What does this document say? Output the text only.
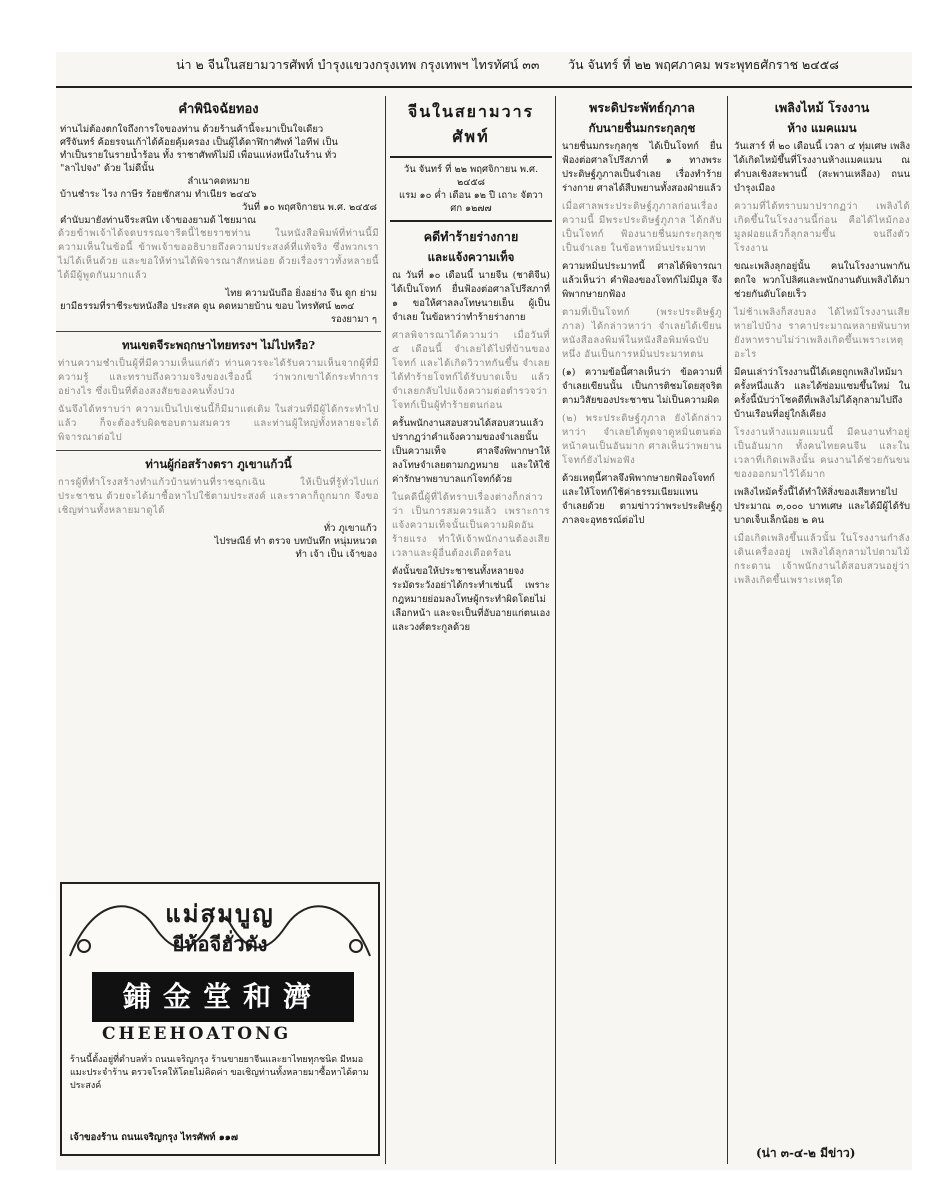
น่า ๒ จีนในสยามวารศัพท์ บำรุงแขวงกรุงเทพ กรุงเทพฯ ไทรทัศน์ ๓๓ วัน จันทร์ ที่ ๒๒ พฤศภาคม พระพุทธศักราช ๒๔๕๘
คำพินิจฉัยทอง
ท่านไม่ต้องตกใจถึงการใจของท่าน ด้วยร้านค้านี้จะมาเป็นใจเดียว
ศรีจันทร์ ค้อยรจนเก้าได้ค้อยคุ้มครอง เป็นผู้ได้ดาฬิกาศัพท์ ไอทีฟ เป็น
ทำเป็นรายในรายน้ำร้อน ทั้ง ราชาศัพท์ไม่มี เพื่อนแห่งหนึ่งในร้าน ทั่ว
"ลาไปจง" ด้วย ไม่ดีนั้น
ลำเนาคดหมาย
บ้านชำระ ไรง กาษีร ร้อยชักสาม ทำเนียร ๒๔๔๖
วันที่ ๑๐ พฤศจิกายน พ.ศ. ๒๔๕๘
คำนับมายังท่านจีระสนิท เจ้าของยามด้ ไชยมาณ
ด้วยข้าพเจ้าได้จดบรรณจารีตนี้ไชยราชท่าน ในหนังสือพิมพ์ที่ท่านนี้มีความเห็นในข้อนี้ ข้าพเจ้าขออธิบายถึงความประสงค์ที่แท้จริง ซึ่งพวกเราไม่ได้เห็นด้วย และขอให้ท่านได้พิจารณาสักหน่อย ด้วยเรื่องราวทั้งหลายนี้ได้มีผู้พูดกันมากแล้ว
ไทย ความนับถือ ยิ่งอย่าง จีน ดูก ย่าม
ยามีธรรมที่ราชีระขหนังสือ ประสค ดูน คดหมายบ้าน ขอบ ไทรทัศน์ ๒๓๔
รองยามา ๆ
ทนเขตจีระพฤกษาไทยทรงฯ ไม่ไปหรือ?
ท่านความชำเป็นผู้ที่มีความเห็นแก่ตัว ท่านควรจะได้รับความเห็นจากผู้ที่มีความรู้ และทราบถึงความจริงของเรื่องนี้ ว่าพวกเขาได้กระทำการอย่างไร ซึ่งเป็นที่ต้องสงสัยของคนทั้งปวง
ฉันจึงได้ทราบว่า ความเป็นไปเช่นนี้ก็มีมาแต่เดิม ในส่วนที่มีผู้ได้กระทำไปแล้ว ก็จะต้องรับผิดชอบตามสมควร และท่านผู้ใหญ่ทั้งหลายจะได้พิจารณาต่อไป
ท่านผู้ก่อสร้างตรา ภูเขาแก้วนี้
การผู้ที่ทำโรงสร้างทำแก้วบ้านท่านที่ราชฉุกเฉิน ให้เป็นที่รู้ทั่วไปแก่ประชาชน ด้วยจะได้มาซื้อหาไปใช้ตามประสงค์ และราคาก็ถูกมาก จึงขอเชิญท่านทั้งหลายมาดูได้
ทั่ว ภูเขาแก้ว
ไปรษณีย์ ทำ ตรวจ บทบันทึก หนุ่มหนวด
ทำ เจ้า เป็น เจ้าของ
แม่สมบูญ
ยีห้อจีฮั่วตัง
鋪金堂和濟
CHEEHOATONG
ร้านนี้ตั้งอยู่ที่ตำบลทั่ว ถนนเจริญกรุง ร้านขายยาจีนและยาไทยทุกชนิด มีหมอแมะประจำร้าน ตรวจโรคให้โดยไม่คิดค่า ขอเชิญท่านทั้งหลายมาซื้อหาได้ตามประสงค์
เจ้าของร้าน ถนนเจริญกรุง ไทรศัพท์ ๑๑๗
จีนในสยามวารศัพท์
วัน จันทร์ ที่ ๒๒ พฤศจิกายน พ.ศ. ๒๔๕๘
แรม ๑๐ ค่ำ เดือน ๑๒ ปี เถาะ จัตวาศก ๑๒๗๗
คดีทำร้ายร่างกาย
และแจ้งความเท็จ
ณ วันที่ ๑๐ เดือนนี้ นายจีน (ชาติจีน) ได้เป็นโจทก์ ยื่นฟ้องต่อศาลโปรีสภาที่ ๑ ขอให้ศาลลงโทษนายเย็น ผู้เป็นจำเลย ในข้อหาว่าทำร้ายร่างกาย
ศาลพิจารณาได้ความว่า เมื่อวันที่ ๕ เดือนนี้ จำเลยได้ไปที่บ้านของโจทก์ และได้เกิดวิวาทกันขึ้น จำเลยได้ทำร้ายโจทก์ได้รับบาดเจ็บ แล้วจำเลยกลับไปแจ้งความต่อตำรวจว่าโจทก์เป็นผู้ทำร้ายตนก่อน
ครั้นพนักงานสอบสวนได้สอบสวนแล้ว ปรากฏว่าคำแจ้งความของจำเลยนั้นเป็นความเท็จ ศาลจึงพิพากษาให้ลงโทษจำเลยตามกฎหมาย และให้ใช้ค่ารักษาพยาบาลแก่โจทก์ด้วย
ในคดีนี้ผู้ที่ได้ทราบเรื่องต่างก็กล่าวว่า เป็นการสมควรแล้ว เพราะการแจ้งความเท็จนั้นเป็นความผิดอันร้ายแรง ทำให้เจ้าพนักงานต้องเสียเวลาและผู้อื่นต้องเดือดร้อน
ดังนั้นขอให้ประชาชนทั้งหลายจงระมัดระวังอย่าได้กระทำเช่นนี้ เพราะกฎหมายย่อมลงโทษผู้กระทำผิดโดยไม่เลือกหน้า และจะเป็นที่อับอายแก่ตนเองและวงศ์ตระกูลด้วย
พระดิประพัทธ์กุภาล
กับนายชื่นมกระกุลกุช
นายชื่นมกระกุลกุช ได้เป็นโจทก์ ยื่นฟ้องต่อศาลโปรีสภาที่ ๑ ทางพระประดิษฐ์ภูภาลเป็นจำเลย เรื่องทำร้ายร่างกาย ศาลได้สืบพยานทั้งสองฝ่ายแล้ว
เมื่อศาลพระประดิษฐ์ภูภาลก่อนเรื่องความนี้ มีพระประดิษฐ์ภูภาล ได้กลับเป็นโจทก์ ฟ้องนายชื่นมกระกุลกุช เป็นจำเลย ในข้อหาหมิ่นประมาท
ความหมิ่นประมาทนี้ ศาลได้พิจารณาแล้วเห็นว่า คำฟ้องของโจทก์ไม่มีมูล จึงพิพากษายกฟ้อง
ตามที่เป็นโจทก์ (พระประดิษฐ์ภูภาล) ได้กล่าวหาว่า จำเลยได้เขียนหนังสือลงพิมพ์ในหนังสือพิมพ์ฉบับหนึ่ง อันเป็นการหมิ่นประมาทตน
(๑) ความข้อนี้ศาลเห็นว่า ข้อความที่จำเลยเขียนนั้น เป็นการติชมโดยสุจริต ตามวิสัยของประชาชน ไม่เป็นความผิด
(๒) พระประดิษฐ์ภูภาล ยังได้กล่าวหาว่า จำเลยได้พูดจาดูหมิ่นตนต่อหน้าคนเป็นอันมาก ศาลเห็นว่าพยานโจทก์ยังไม่พอฟัง
ด้วยเหตุนี้ศาลจึงพิพากษายกฟ้องโจทก์ และให้โจทก์ใช้ค่าธรรมเนียมแทนจำเลยด้วย ตามข่าวว่าพระประดิษฐ์ภูภาลจะอุทธรณ์ต่อไป
เพลิงไหม้ โรงงาน
ห้าง แมคแมน
วันเสาร์ ที่ ๒๐ เดือนนี้ เวลา ๔ ทุ่มเศษ เพลิงได้เกิดไหม้ขึ้นที่โรงงานห้างแมคแมน ณ ตำบลเชิงสะพานนี้ (สะพานเหลือง) ถนนบำรุงเมือง
ความที่ได้ทราบมาปรากฏว่า เพลิงได้เกิดขึ้นในโรงงานนี้ก่อน คือได้ไหม้กองมูลฝอยแล้วก็ลุกลามขึ้น จนถึงตัวโรงงาน
ขณะเพลิงลุกอยู่นั้น คนในโรงงานพากันตกใจ พวกโปลิศและพนักงานดับเพลิงได้มาช่วยกันดับโดยเร็ว
ไม่ช้าเพลิงก็สงบลง ได้ไหม้โรงงานเสียหายไปบ้าง ราคาประมาณหลายพันบาท ยังหาทราบไม่ว่าเพลิงเกิดขึ้นเพราะเหตุอะไร
มีคนเล่าว่าโรงงานนี้ได้เคยถูกเพลิงไหม้มาครั้งหนึ่งแล้ว และได้ซ่อมแซมขึ้นใหม่ ในครั้งนี้นับว่าโชคดีที่เพลิงไม่ได้ลุกลามไปถึงบ้านเรือนที่อยู่ใกล้เคียง
โรงงานห้างแมคแมนนี้ มีคนงานทำอยู่เป็นอันมาก ทั้งคนไทยคนจีน และในเวลาที่เกิดเพลิงนั้น คนงานได้ช่วยกันขนของออกมาไว้ได้มาก
เพลิงไหม้ครั้งนี้ได้ทำให้สิ่งของเสียหายไปประมาณ ๓,๐๐๐ บาทเศษ และได้มีผู้ได้รับบาดเจ็บเล็กน้อย ๒ คน
เมื่อเกิดเพลิงขึ้นแล้วนั้น ในโรงงานกำลังเดินเครื่องอยู่ เพลิงได้ลุกลามไปตามไม้กระดาน เจ้าพนักงานได้สอบสวนอยู่ว่าเพลิงเกิดขึ้นเพราะเหตุใด
(น่า ๓-๔-๒ มีข่าว)
